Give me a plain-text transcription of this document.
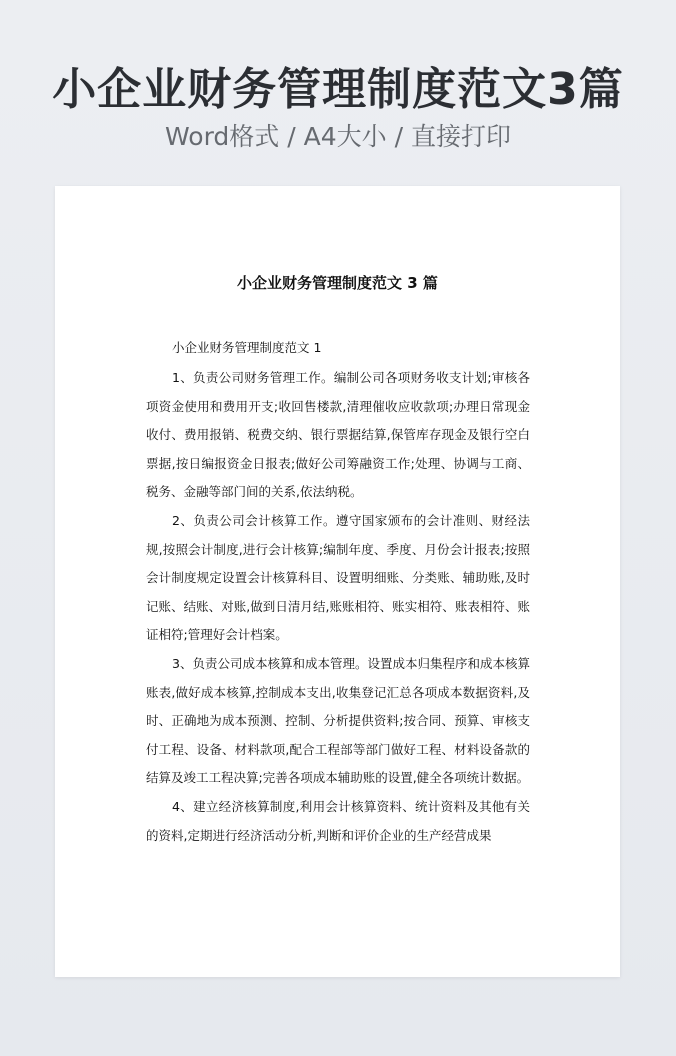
小企业财务管理制度范文3篇
Word格式 / A4大小 / 直接打印
小企业财务管理制度范文 3 篇
小企业财务管理制度范文 1

1、负责公司财务管理工作。编制公司各项财务收支计划;审核各项资金使用和费用开支;收回售楼款,清理催收应收款项;办理日常现金收付、费用报销、税费交纳、银行票据结算,保管库存现金及银行空白票据,按日编报资金日报表;做好公司筹融资工作;处理、协调与工商、税务、金融等部门间的关系,依法纳税。

2、负责公司会计核算工作。遵守国家颁布的会计准则、财经法规,按照会计制度,进行会计核算;编制年度、季度、月份会计报表;按照会计制度规定设置会计核算科目、设置明细账、分类账、辅助账,及时记账、结账、对账,做到日清月结,账账相符、账实相符、账表相符、账证相符;管理好会计档案。

3、负责公司成本核算和成本管理。设置成本归集程序和成本核算账表,做好成本核算,控制成本支出,收集登记汇总各项成本数据资料,及时、正确地为成本预测、控制、分析提供资料;按合同、预算、审核支付工程、设备、材料款项,配合工程部等部门做好工程、材料设备款的结算及竣工工程决算;完善各项成本辅助账的设置,健全各项统计数据。

4、建立经济核算制度,利用会计核算资料、统计资料及其他有关的资料,定期进行经济活动分析,判断和评价企业的生产经营成果
